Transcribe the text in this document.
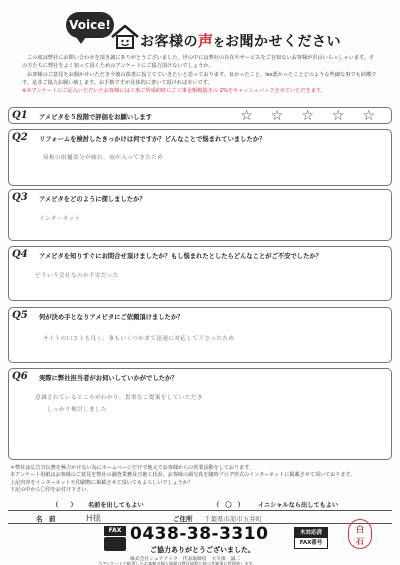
Voice!
お客様の声をお聞かせください

この度は弊社にお問い合わせを頂き誠にありがとうございました。世の中には弊社の存在やサービスをご存知ないお客様が沢山いらっしゃいます。その方たちに弊社をよく知って頂くためのアンケートにご協力頂けないでしょうか。

お客様のご意見をお聞かせいただき今後の改善に役立てていきたいと思っております。良かったこと、les悪かったことどのような些細な事でも結構です。是非ご協力お願い致します。お手数ですが具体的に書いて頂ければ幸いです。

※本アンケートにご記入いただいたお客様には工事ご所成約時にご工事金額税抜きの 2%をキャッシュバックさせていただきます。

Q1 アメピタを５段階で評価をお願いします	☆ ☆ ☆ ☆ ☆
Q2 リフォームを検討したきっかけは何ですか？どんなことで悩まれていましたか？
屋根の雨樋部分が破れ、雨が入ってきたため
Q3 アメピタをどのように探しましたか？
インターネット
Q4 アメピタを知りすぐにお問合せ頂けましたか？もし悩まれたとしたらどんなことがご不安でしたか？
どういう会社なのか不安だった
Q5 何が決め手となりアメピタにご依頼頂けましたか？
サイトの口コミも良く、事もいくつか来て迅速に対応して下さったため
Q6 実際に弊社担当者がお伺いしていかがでしたか？
意識されているところがわかり、貴重なご提案をしていただき
しっかり検討しました
＊弊社は広告宣伝費を極力かけない為にホームページだけで地元でお客様からの営業活動をしております。
本アンケート用紙はお客様のご意見を弊社の調査業務及び施工状況、お客様の顔写真を随時ブログ形式のインターネットに掲載させて頂いております。
上記内容をインターネットや印刷物に掲載させて頂いてもよろしいでしょうか？
下記の中から〇印をお付け下さい。
（　　） 名前を出してもよい	（　〇　） イニシャルなら出してもよい
名　前	H様	ご住所 千葉県市原市五井町
FAX 0438-38-3310	木対応済
FAX番号
ご協力ありがとうございました。
株式会社シェアテック　代表取締役　大久保　誠二
当アンケートで取得したお客様の個人情報は弊社規程に基づき厳重に管理致します。
白
石
